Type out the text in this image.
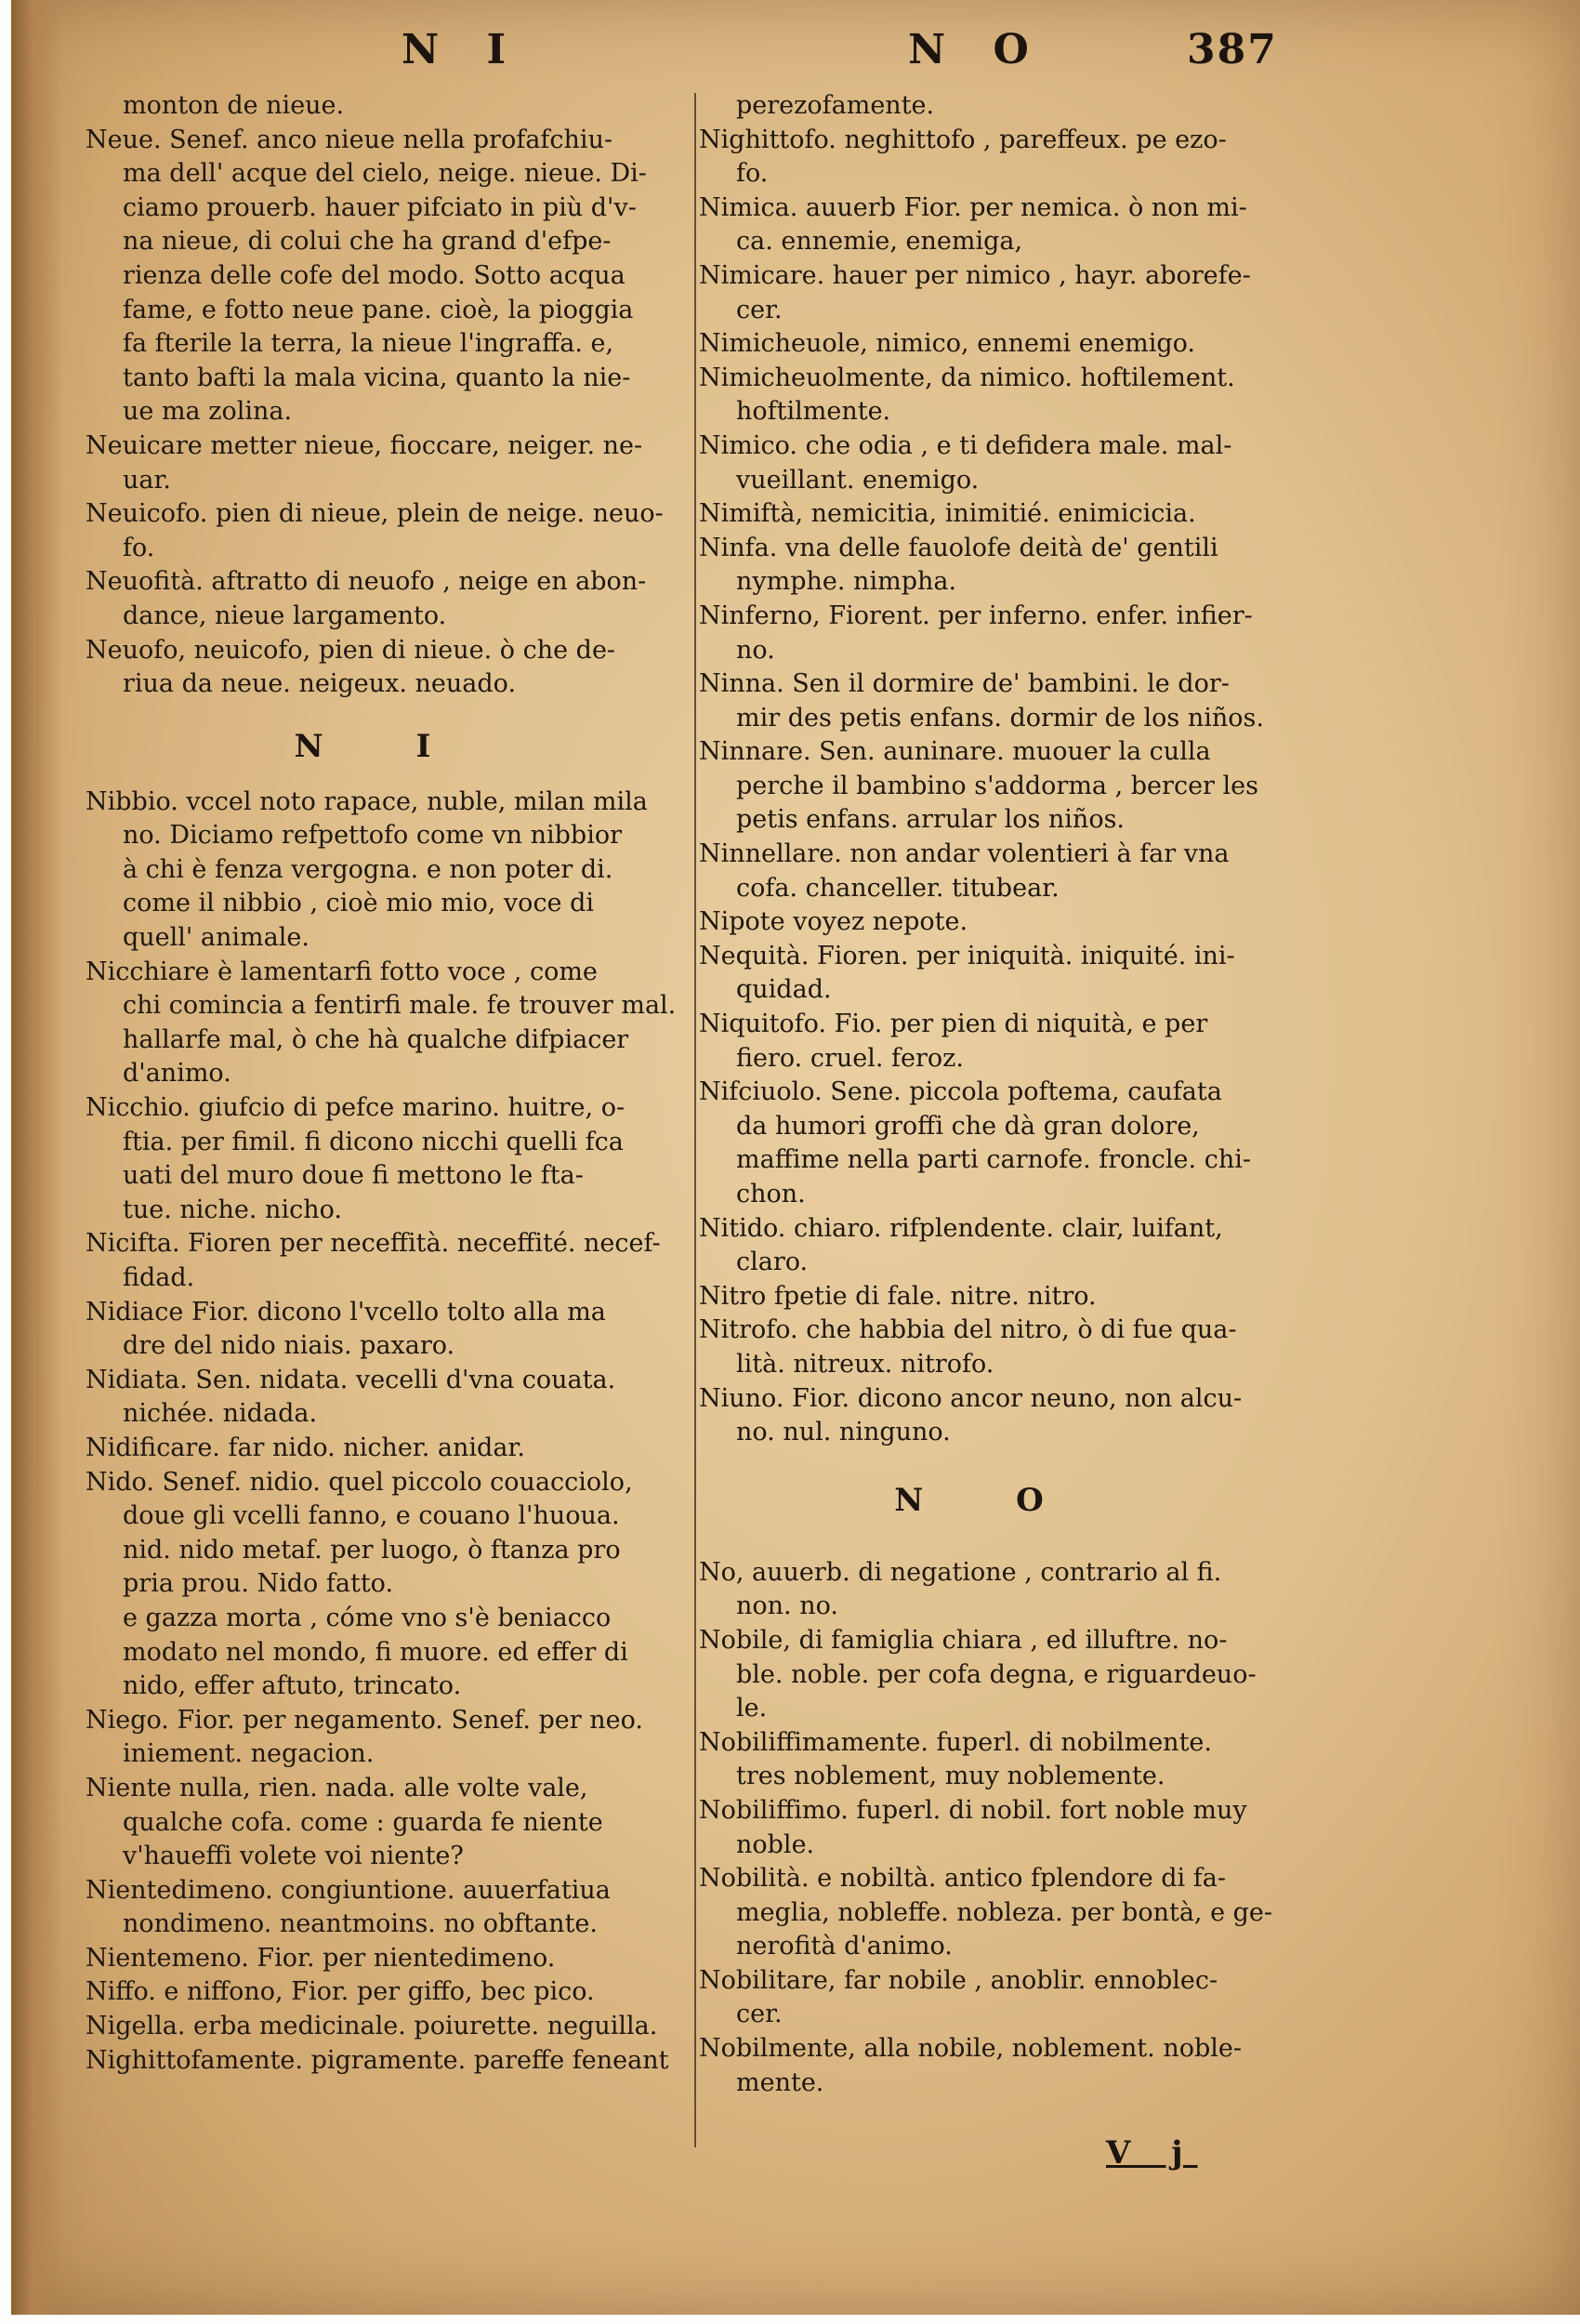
N I	N O	387
monton de nieue.
Neue. Senef. anco nieue nella profafchiu-
ma dell' acque del cielo, neige. nieue. Di-
ciamo prouerb. hauer pifciato in più d'v-
na nieue, di colui che ha grand d'efpe-
rienza delle cofe del modo. Sotto acqua
fame, e fotto neue pane. cioè, la pioggia
fa fterile la terra, la nieue l'ingraffa. e,
tanto bafti la mala vicina, quanto la nie-
ue ma zolina.
Neuicare metter nieue, fioccare, neiger. ne-
uar.
Neuicofo. pien di nieue, plein de neige. neuo-
fo.
Neuofità. aftratto di neuofo , neige en abon-
dance, nieue largamento.
Neuofo, neuicofo, pien di nieue. ò che de-
riua da neue. neigeux. neuado.
N I
Nibbio. vccel noto rapace, nuble, milan mila
no. Diciamo refpettofo come vn nibbior
à chi è fenza vergogna. e non poter di.
come il nibbio , cioè mio mio, voce di
quell' animale.
Nicchiare è lamentarfi fotto voce , come
chi comincia a fentirfi male. fe trouver mal.
hallarfe mal, ò che hà qualche difpiacer
d'animo.
Nicchio. giufcio di pefce marino. huitre, o-
ftia. per fimil. fi dicono nicchi quelli fca
uati del muro doue fi mettono le fta-
tue. niche. nicho.
Nicifta. Fioren per neceffità. neceffité. necef-
fidad.
Nidiace Fior. dicono l'vcello tolto alla ma
dre del nido niais. paxaro.
Nidiata. Sen. nidata. vecelli d'vna couata.
nichée. nidada.
Nidificare. far nido. nicher. anidar.
Nido. Senef. nidio. quel piccolo couacciolo,
doue gli vcelli fanno, e couano l'huoua.
nid. nido metaf. per luogo, ò ftanza pro
pria prou. Nido fatto.
e gazza morta , cóme vno s'è beniacco
modato nel mondo, fi muore. ed effer di
nido, effer aftuto, trincato.
Niego. Fior. per negamento. Senef. per neo.
iniement. negacion.
Niente nulla, rien. nada. alle volte vale,
qualche cofa. come : guarda fe niente
v'haueffi volete voi niente?
Nientedimeno. congiuntione. auuerfatiua
nondimeno. neantmoins. no obftante.
Nientemeno. Fior. per nientedimeno.
Niffo. e niffono, Fior. per giffo, bec pico.
Nigella. erba medicinale. poiurette. neguilla.
Nighittofamente. pigramente. pareffe feneant
perezofamente.
Nighittofo. neghittofo , pareffeux. pe ezo-
fo.
Nimica. auuerb Fior. per nemica. ò non mi-
ca. ennemie, enemiga,
Nimicare. hauer per nimico , hayr. aborefe-
cer.
Nimicheuole, nimico, ennemi enemigo.
Nimicheuolmente, da nimico. hoftilement.
hoftilmente.
Nimico. che odia , e ti defidera male. mal-
vueillant. enemigo.
Nimiftà, nemicitia, inimitié. enimicicia.
Ninfa. vna delle fauolofe deità de' gentili
nymphe. nimpha.
Ninferno, Fiorent. per inferno. enfer. infier-
no.
Ninna. Sen il dormire de' bambini. le dor-
mir des petis enfans. dormir de los niños.
Ninnare. Sen. auninare. muouer la culla
perche il bambino s'addorma , bercer les
petis enfans. arrular los niños.
Ninnellare. non andar volentieri à far vna
cofa. chanceller. titubear.
Nipote voyez nepote.
Nequità. Fioren. per iniquità. iniquité. ini-
quidad.
Niquitofo. Fio. per pien di niquità, e per
fiero. cruel. feroz.
Nifciuolo. Sene. piccola poftema, caufata
da humori groffi che dà gran dolore,
maffime nella parti carnofe. froncle. chi-
chon.
Nitido. chiaro. rifplendente. clair, luifant,
claro.
Nitro fpetie di fale. nitre. nitro.
Nitrofo. che habbia del nitro, ò di fue qua-
lità. nitreux. nitrofo.
Niuno. Fior. dicono ancor neuno, non alcu-
no. nul. ninguno.
N O
No, auuerb. di negatione , contrario al fi.
non. no.
Nobile, di famiglia chiara , ed illuftre. no-
ble. noble. per cofa degna, e riguardeuo-
le.
Nobiliffimamente. fuperl. di nobilmente.
tres noblement, muy noblemente.
Nobiliffimo. fuperl. di nobil. fort noble muy
noble.
Nobilità. e nobiltà. antico fplendore di fa-
meglia, nobleffe. nobleza. per bontà, e ge-
nerofità d'animo.
Nobilitare, far nobile , anoblir. ennoblec-
cer.
Nobilmente, alla nobile, noblement. noble-
mente.
V j
